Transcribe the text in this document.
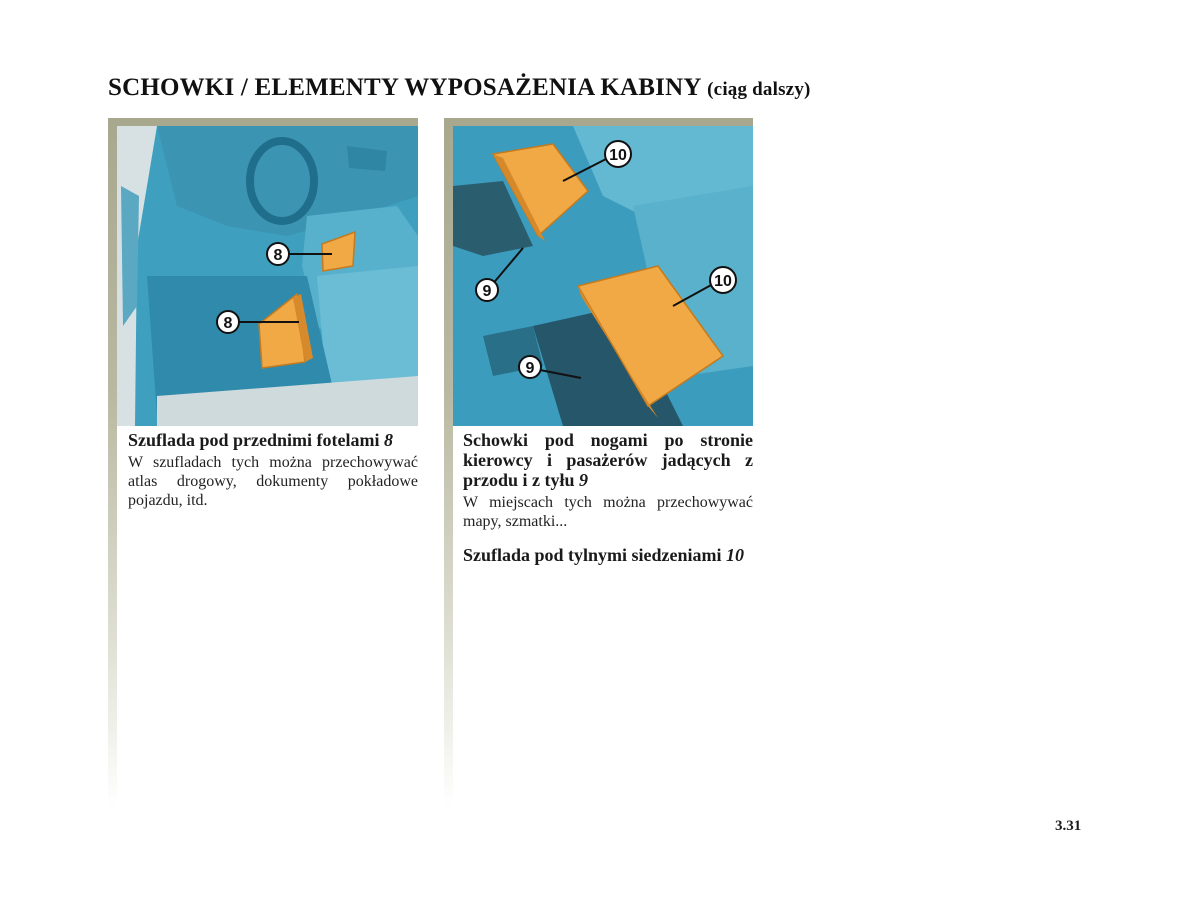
SCHOWKI / ELEMENTY WYPOSAŻENIA KABINY (ciąg dalszy)
8
8
10
9
10
9

Szuflada pod przednimi fotelami 8

W szufladach tych można przechowywać atlas drogowy, dokumenty pokładowe pojazdu, itd.

Schowki pod nogami po stronie kierowcy i pasażerów jadących z przodu i z tyłu 9

W miejscach tych można przechowywać mapy, szmatki...

Szuflada pod tylnymi siedzeniami 10

3.31
